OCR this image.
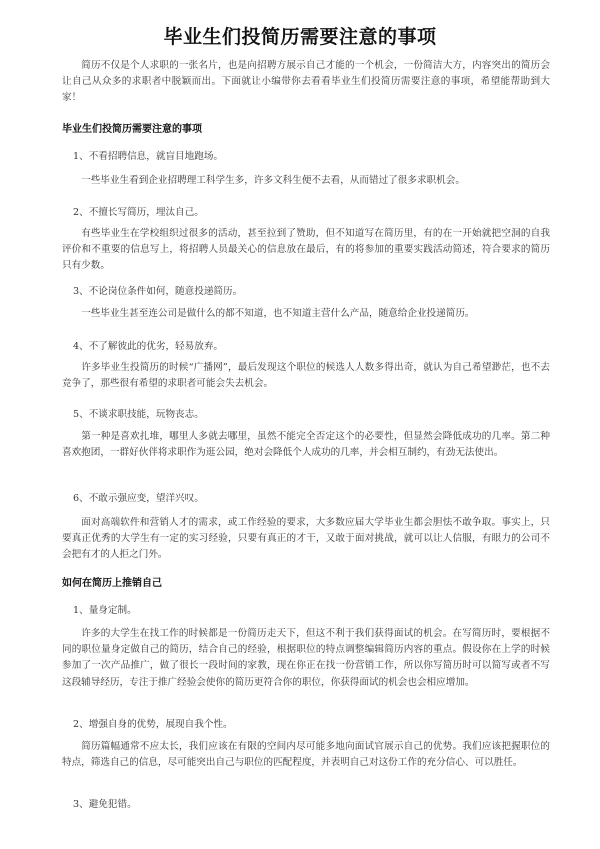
毕业生们投简历需要注意的事项

简历不仅是个人求职的一张名片，也是向招聘方展示自己才能的一个机会，一份简洁大方，内容突出的简历会让自己从众多的求职者中脱颖而出。下面就让小编带你去看看毕业生们投简历需要注意的事项，希望能帮助到大家！

毕业生们投简历需要注意的事项

1、不看招聘信息，就盲目地跑场。

一些毕业生看到企业招聘理工科学生多，许多文科生便不去看，从而错过了很多求职机会。

2、不擅长写简历，埋汰自己。

有些毕业生在学校组织过很多的活动，甚至拉到了赞助，但不知道写在简历里，有的在一开始就把空洞的自我评价和不重要的信息写上，将招聘人员最关心的信息放在最后，有的将参加的重要实践活动简述，符合要求的简历只有少数。

3、不论岗位条件如何，随意投递简历。

一些毕业生甚至连公司是做什么的都不知道，也不知道主营什么产品，随意给企业投递简历。

4、不了解彼此的优劣，轻易放弃。

许多毕业生投简历的时候“广播网”，最后发现这个职位的候选人人数多得出奇，就认为自己希望渺茫，也不去竞争了，那些很有希望的求职者可能会失去机会。

5、不谈求职技能，玩物丧志。

第一种是喜欢扎堆，哪里人多就去哪里，虽然不能完全否定这个的必要性，但显然会降低成功的几率。第二种喜欢抱团，一群好伙伴将求职作为逛公园，绝对会降低个人成功的几率，并会相互制约，有劲无法使出。

6、不敢示强应变，望洋兴叹。

面对高端软件和营销人才的需求，或工作经验的要求，大多数应届大学毕业生都会胆怯不敢争取。事实上，只要真正优秀的大学生有一定的实习经验，只要有真正的才干，又敢于面对挑战，就可以让人信服，有眼力的公司不会把有才的人拒之门外。

如何在简历上推销自己

1、量身定制。

许多的大学生在找工作的时候都是一份简历走天下，但这不利于我们获得面试的机会。在写简历时，要根据不同的职位量身定做自己的简历，结合自己的经验，根据职位的特点调整编辑简历内容的重点。假设你在上学的时候参加了一次产品推广，做了很长一段时间的家教，现在你正在找一份营销工作，所以你写简历时可以简写或者不写这段辅导经历，专注于推广经验会使你的简历更符合你的职位，你获得面试的机会也会相应增加。

2、增强自身的优势，展现自我个性。

简历篇幅通常不应太长，我们应该在有限的空间内尽可能多地向面试官展示自己的优势。我们应该把握职位的特点，筛选自己的信息，尽可能突出自己与职位的匹配程度，并表明自己对这份工作的充分信心、可以胜任。

3、避免犯错。
